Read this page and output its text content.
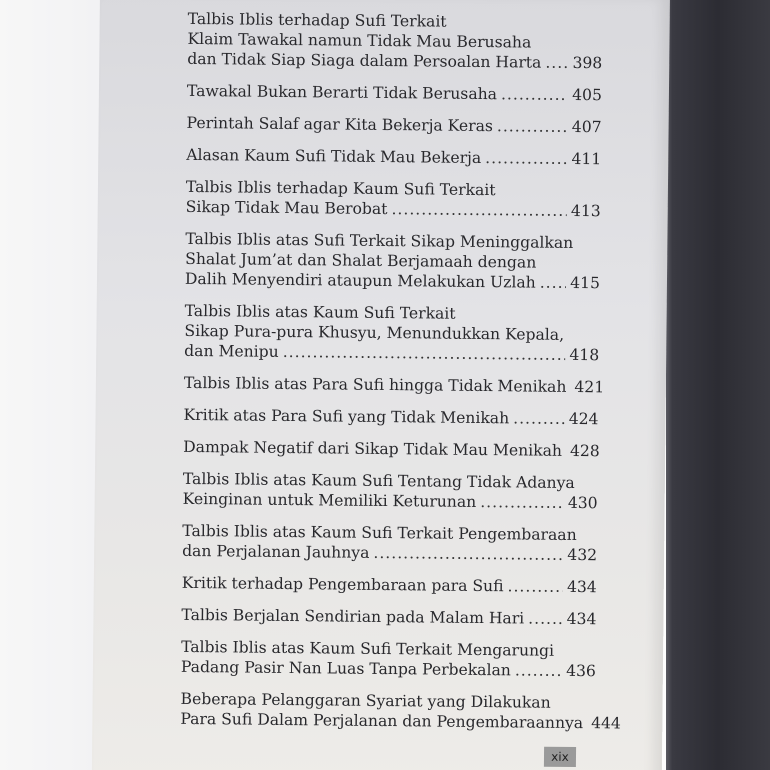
Talbis Iblis terhadap Sufi Terkait
Klaim Tawakal namun Tidak Mau Berusaha
dan Tidak Siap Siaga dalam Persoalan Harta ..... 398
Tawakal Bukan Berarti Tidak Berusaha .....	405
Perintah Salaf agar Kita Bekerja Keras .....	407
Alasan Kaum Sufi Tidak Mau Bekerja .....	411
Talbis Iblis terhadap Kaum Sufi Terkait
Sikap Tidak Mau Berobat .....	413
Talbis Iblis atas Sufi Terkait Sikap Meninggalkan
Shalat Jum’at dan Shalat Berjamaah dengan
Dalih Menyendiri ataupun Melakukan Uzlah ..... 415
Talbis Iblis atas Kaum Sufi Terkait
Sikap Pura-pura Khusyu, Menundukkan Kepala,
dan Menipu .....	418
Talbis Iblis atas Para Sufi hingga Tidak Menikah ..... 421
Kritik atas Para Sufi yang Tidak Menikah .....	424
Dampak Negatif dari Sikap Tidak Mau Menikah ..... 428
Talbis Iblis atas Kaum Sufi Tentang Tidak Adanya
Keinginan untuk Memiliki Keturunan .....	430
Talbis Iblis atas Kaum Sufi Terkait Pengembaraan
dan Perjalanan Jauhnya .....	432
Kritik terhadap Pengembaraan para Sufi .....	434
Talbis Berjalan Sendirian pada Malam Hari .....	434
Talbis Iblis atas Kaum Sufi Terkait Mengarungi
Padang Pasir Nan Luas Tanpa Perbekalan .....	436
Beberapa Pelanggaran Syariat yang Dilakukan
Para Sufi Dalam Perjalanan dan Pengembaraannya ..... 444
xix
